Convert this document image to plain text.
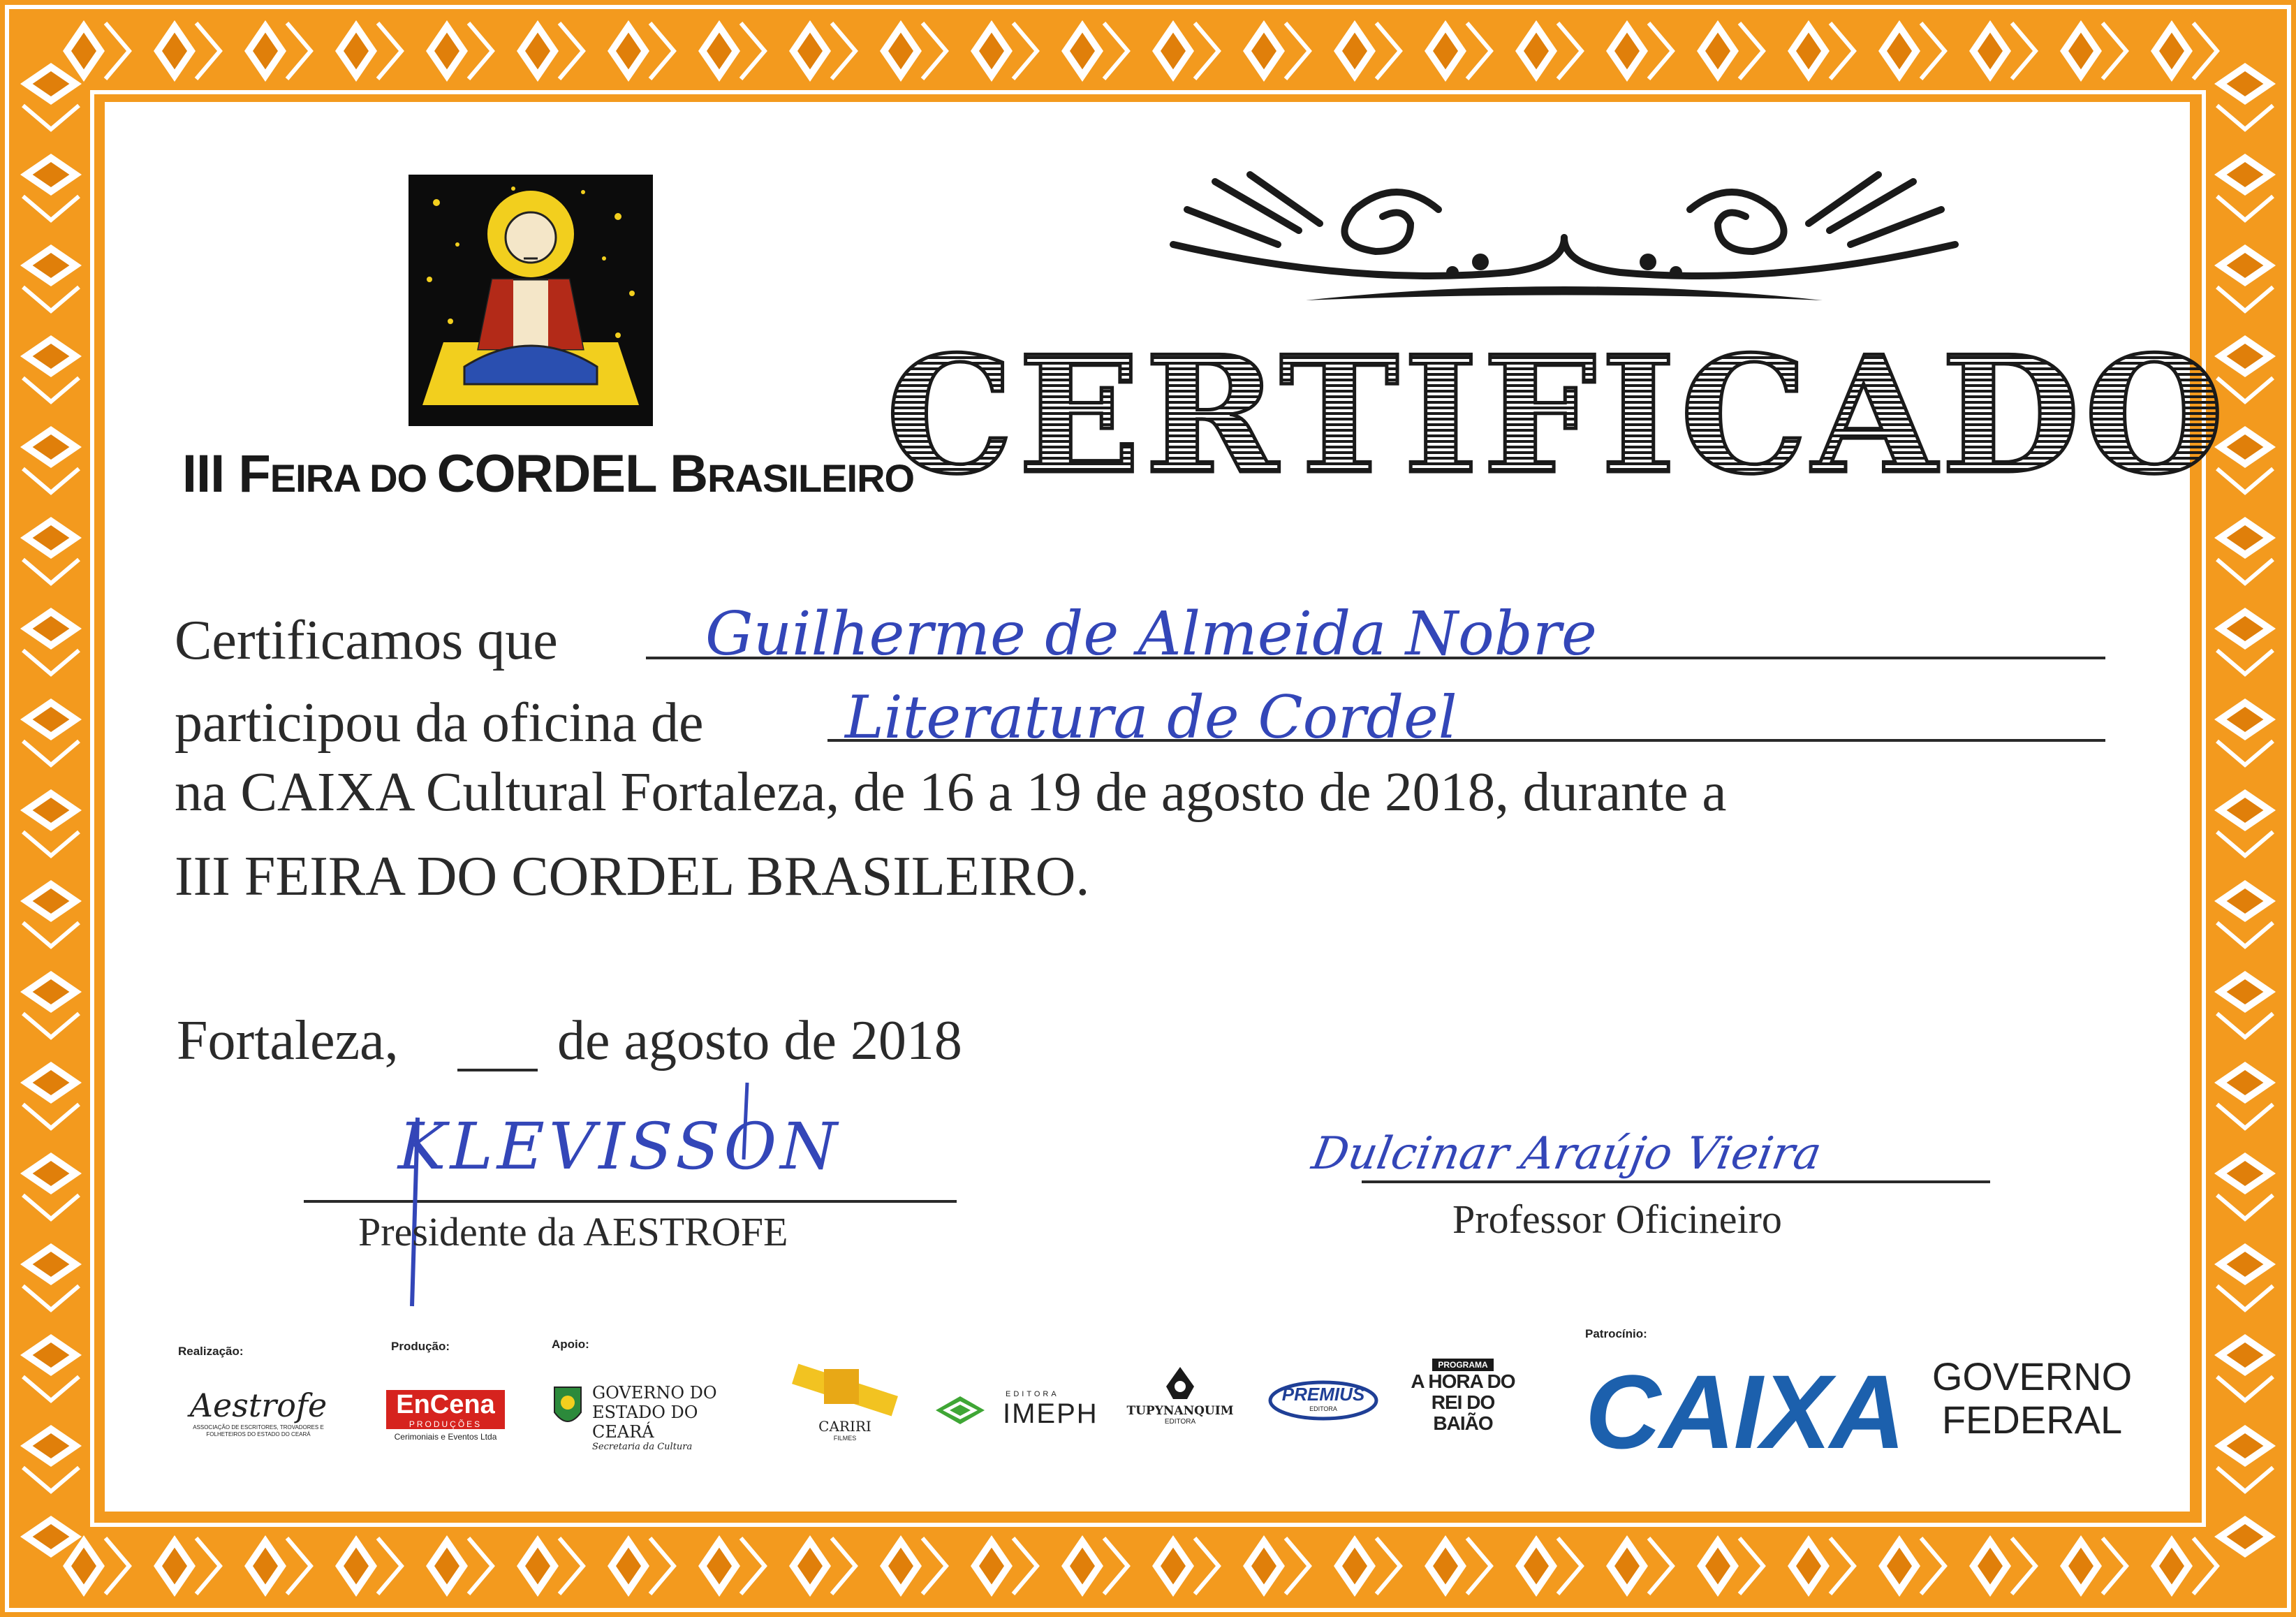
III FEIRA DO CORDEL BRASILEIRO
CERTIFICADO
Certificamos que Guilherme de Almeida Nobre
participou da oficina de Literatura de Cordel
na CAIXA Cultural Fortaleza, de 16 a 19 de agosto de 2018, durante a
III FEIRA DO CORDEL BRASILEIRO.
Fortaleza,	de agosto de 2018
KLEVISSON
Presidente da AESTROFE
Dulcinar Araújo Vieira
Professor Oficineiro
Realização:	Produção:	Apoio:
Patrocínio:
Aestrofe
ASSOCIAÇÃO DE ESCRITORES, TROVADORES E FOLHETEIROS DO ESTADO DO CEARÁ
EnCena
PRODUÇÕES
Cerimoniais e Eventos Ltda
GOVERNO DO
ESTADO DO CEARÁ
Secretaria da Cultura
CARIRI
FILMES
EDITORA
IMEPH	TUPYNANQUIM
EDITORA
PREMIUS
EDITORA
PROGRAMA
A HORA DO
REI DO BAIÃO CAIXA GOVERNO
FEDERAL
